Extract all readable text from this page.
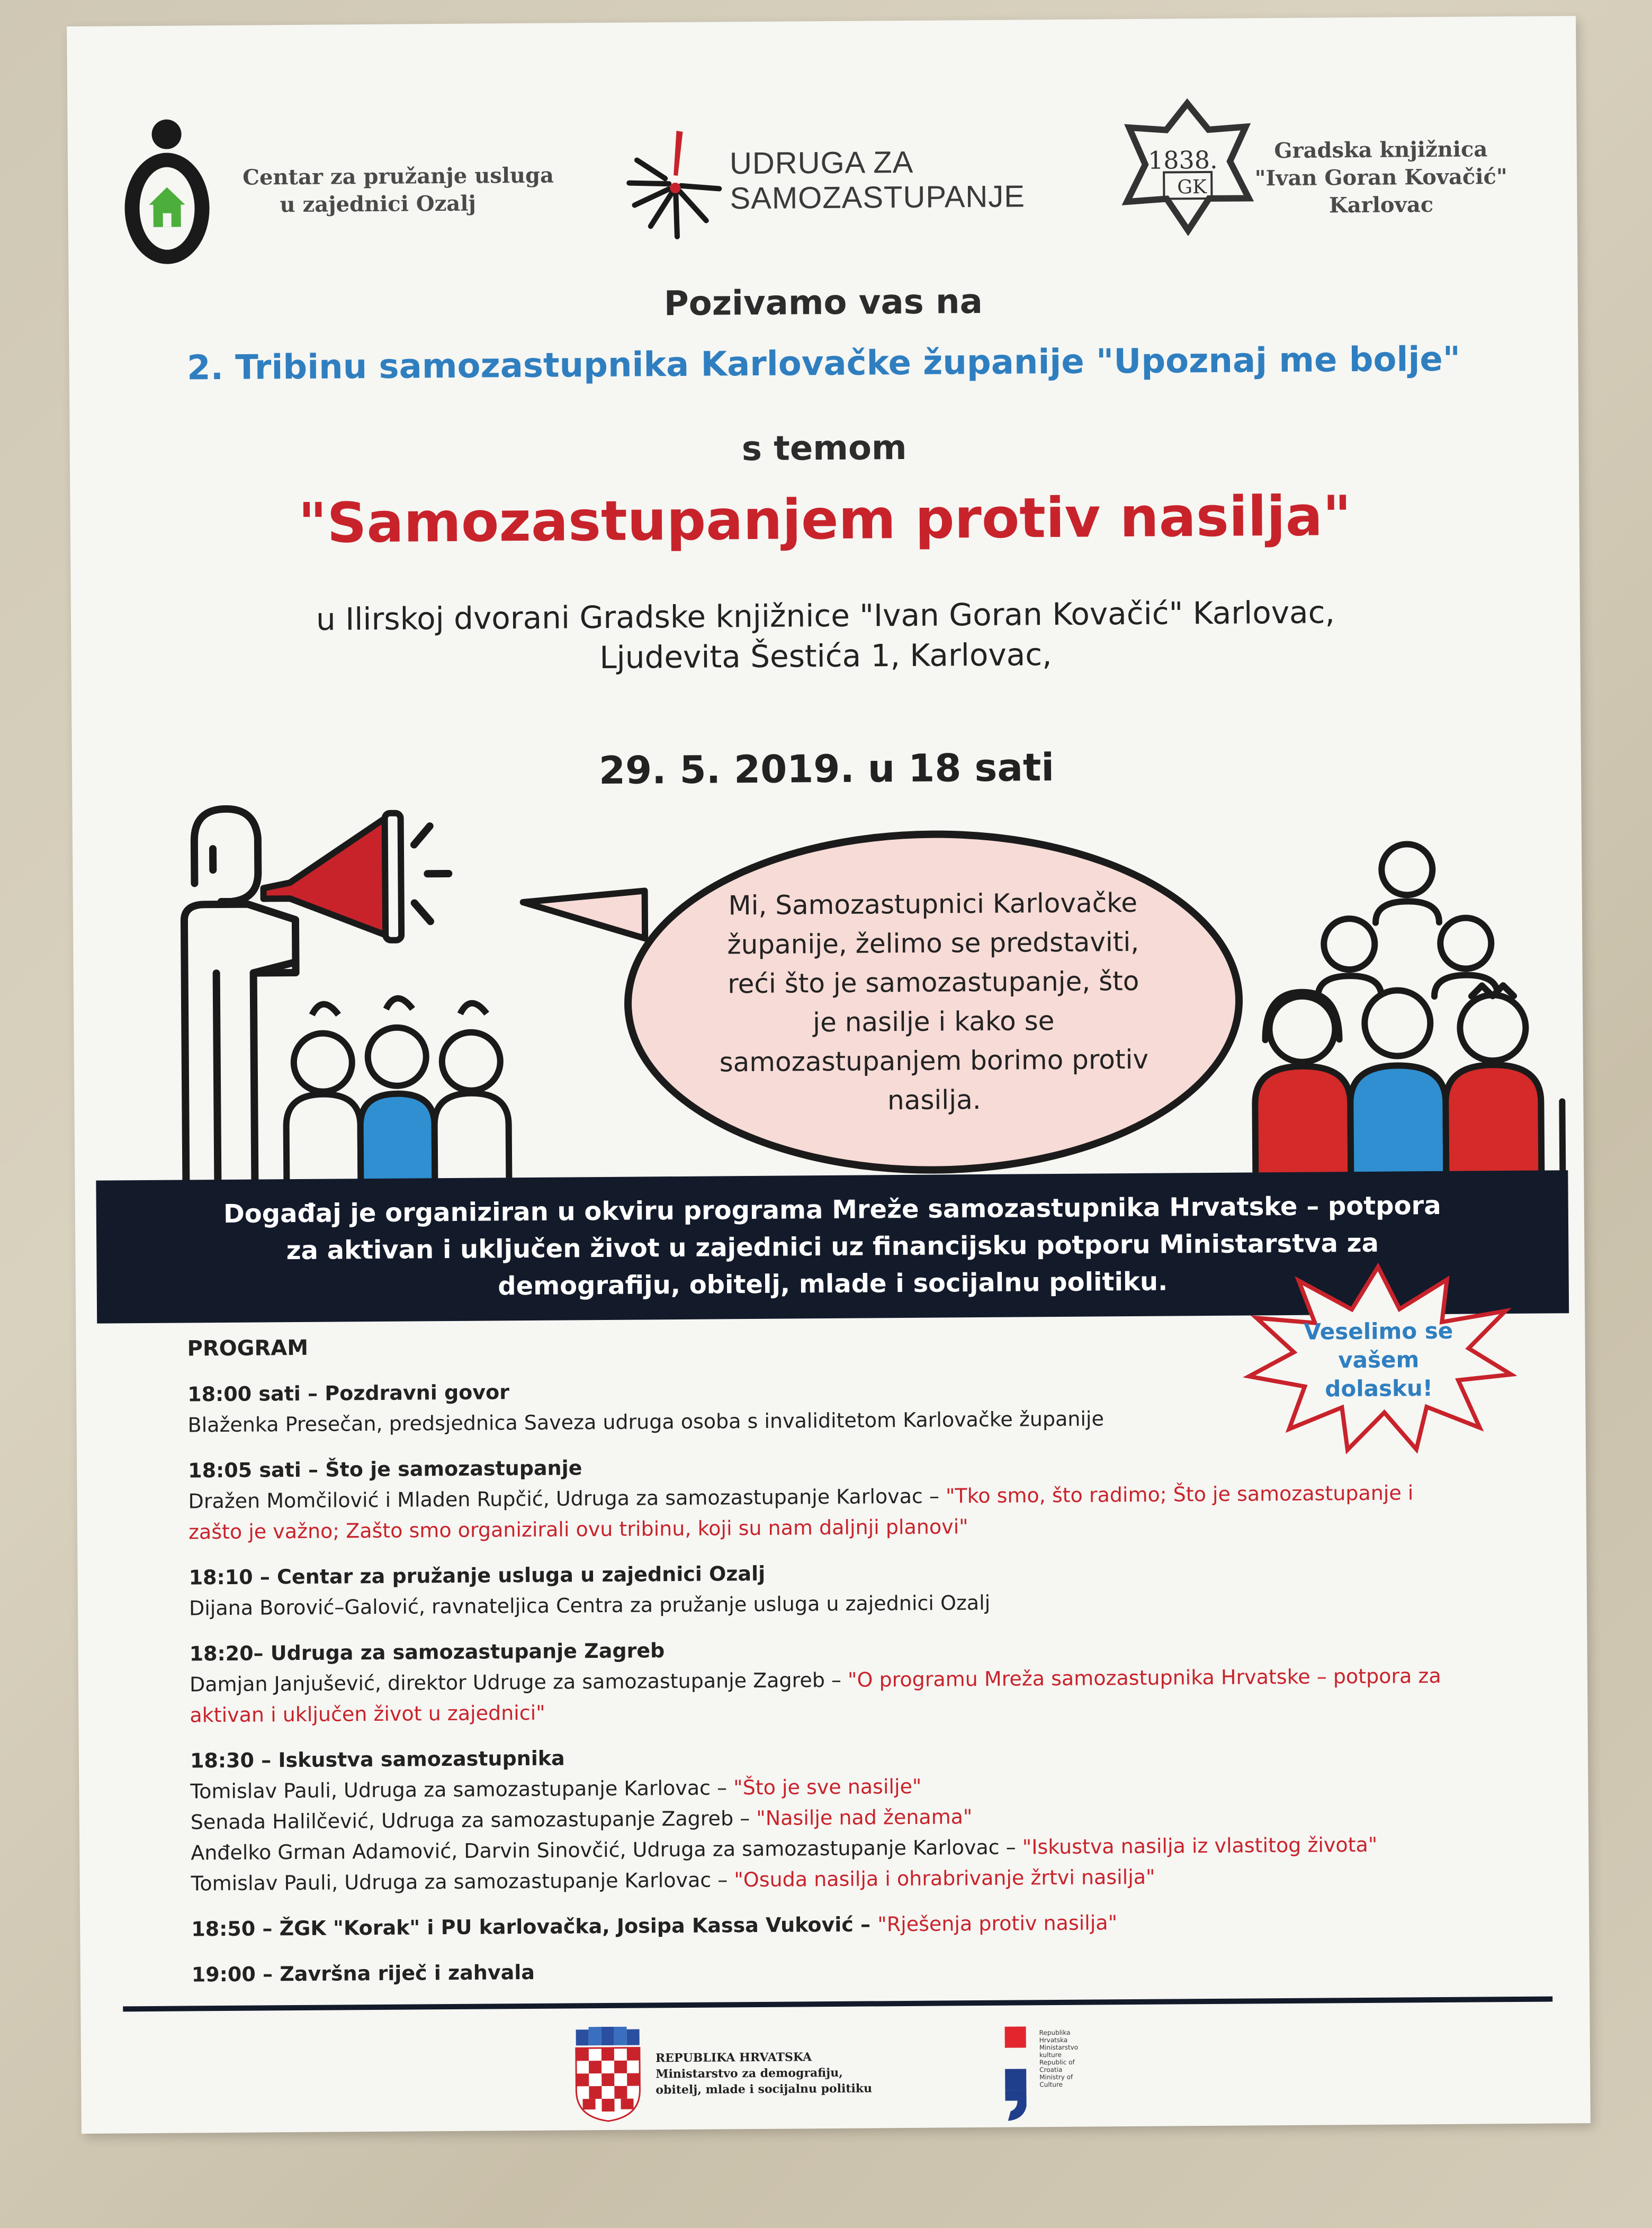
Centar za pružanje usluga
u zajednici Ozalj
UDRUGA ZA
SAMOZASTUPANJE
1838.
GK
Gradska knjižnica
"Ivan Goran Kovačić"
Karlovac
Pozivamo vas na
2. Tribinu samozastupnika Karlovačke županije "Upoznaj me bolje"
s temom
"Samozastupanjem protiv nasilja"
u Ilirskoj dvorani Gradske knjižnice "Ivan Goran Kovačić" Karlovac,
Ljudevita Šestića 1, Karlovac,
29. 5. 2019. u 18 sati
Mi, Samozastupnici Karlovačke županije, želimo se predstaviti, reći što je samozastupanje, što je nasilje i kako se samozastupanjem borimo protiv nasilja.
Događaj je organiziran u okviru programa Mreže samozastupnika Hrvatske – potpora za aktivan i uključen život u zajednici uz financijsku potporu Ministarstva za demografiju, obitelj, mlade i socijalnu politiku.
Veselimo se
vašem dolasku!

PROGRAM

18:00 sati – Pozdravni govor

Blaženka Presečan, predsjednica Saveza udruga osoba s invaliditetom Karlovačke županije

18:05 sati – Što je samozastupanje

Dražen Momčilović i Mladen Rupčić, Udruga za samozastupanje Karlovac – "Tko smo, što radimo; Što je samozastupanje i zašto je važno; Zašto smo organizirali ovu tribinu, koji su nam daljnji planovi"

18:10 – Centar za pružanje usluga u zajednici Ozalj

Dijana Borović–Galović, ravnateljica Centra za pružanje usluga u zajednici Ozalj

18:20– Udruga za samozastupanje Zagreb

Damjan Janjušević, direktor Udruge za samozastupanje Zagreb – "O programu Mreža samozastupnika Hrvatske – potpora za aktivan i uključen život u zajednici"

18:30 – Iskustva samozastupnika

Tomislav Pauli, Udruga za samozastupanje Karlovac – "Što je sve nasilje"

Senada Halilčević, Udruga za samozastupanje Zagreb – "Nasilje nad ženama"

Anđelko Grman Adamović, Darvin Sinovčić, Udruga za samozastupanje Karlovac – "Iskustva nasilja iz vlastitog života"

Tomislav Pauli, Udruga za samozastupanje Karlovac – "Osuda nasilja i ohrabrivanje žrtvi nasilja"

18:50 – ŽGK "Korak" i PU karlovačka, Josipa Kassa Vuković – "Rješenja protiv nasilja"

19:00 – Završna riječ i zahvala

REPUBLIKA HRVATSKA
Ministarstvo za demografiju,
obitelj, mlade i socijalnu politiku
Republika Hrvatska Ministarstvo kulture Republic of Croatia Ministry of Culture
